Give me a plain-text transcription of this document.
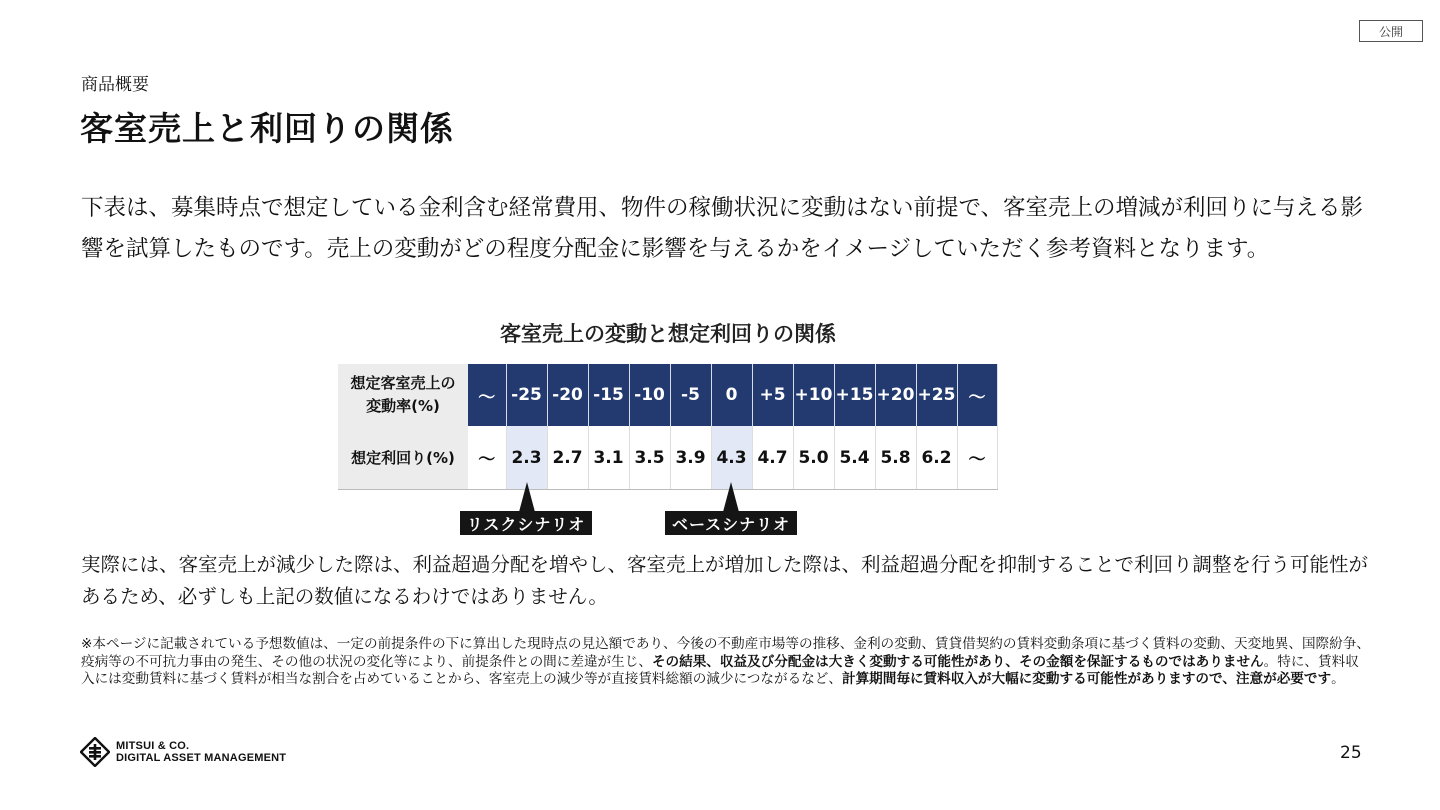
公開
商品概要
客室売上と利回りの関係
下表は、募集時点で想定している金利含む経常費用、物件の稼働状況に変動はない前提で、客室売上の増減が利回りに与える影響を試算したものです。売上の変動がどの程度分配金に影響を与えるかをイメージしていただく参考資料となります。
客室売上の変動と想定利回りの関係
想定客室売上の
変動率(%)	～	-25	-20	-15	-10	-5	0	+5	+10	+15	+20	+25	～
想定利回り(%)	～	2.3	2.7	3.1	3.5	3.9	4.3	4.7	5.0	5.4	5.8	6.2	～
リスクシナリオ	ベースシナリオ
実際には、客室売上が減少した際は、利益超過分配を増やし、客室売上が増加した際は、利益超過分配を抑制することで利回り調整を行う可能性があるため、必ずしも上記の数値になるわけではありません。
※本ページに記載されている予想数値は、一定の前提条件の下に算出した現時点の見込額であり、今後の不動産市場等の推移、金利の変動、賃貸借契約の賃料変動条項に基づく賃料の変動、天変地異、国際紛争、疫病等の不可抗力事由の発生、その他の状況の変化等により、前提条件との間に差違が生じ、その結果、収益及び分配金は大きく変動する可能性があり、その金額を保証するものではありません。特に、賃料収入には変動賃料に基づく賃料が相当な割合を占めていることから、客室売上の減少等が直接賃料総額の減少につながるなど、計算期間毎に賃料収入が大幅に変動する可能性がありますので、注意が必要です。
MITSUI & CO.
DIGITAL ASSET MANAGEMENT	25
